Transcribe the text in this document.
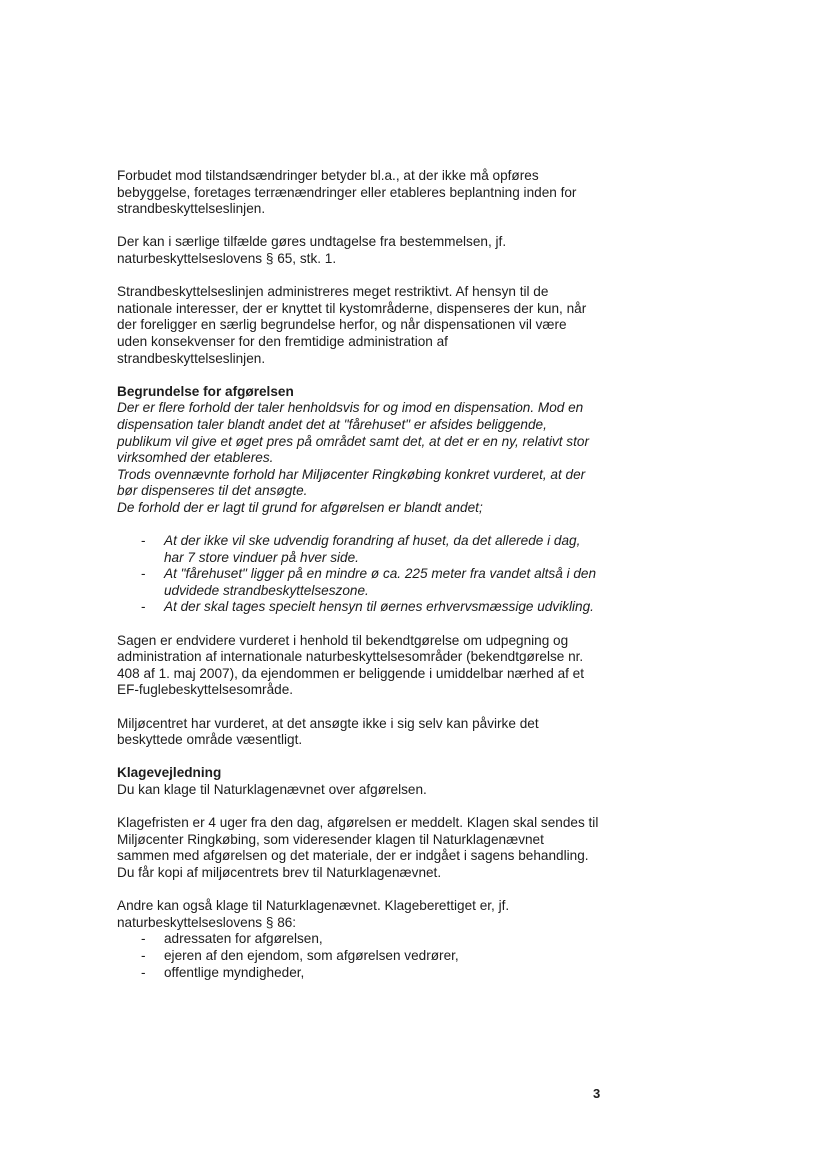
Forbudet mod tilstandsændringer betyder bl.a., at der ikke må opføres bebyggelse, foretages terrænændringer eller etableres beplantning inden for strandbeskyttelseslinjen.

Der kan i særlige tilfælde gøres undtagelse fra bestemmelsen, jf. naturbeskyttelseslovens § 65, stk. 1.

Strandbeskyttelseslinjen administreres meget restriktivt. Af hensyn til de nationale interesser, der er knyttet til kystområderne, dispenseres der kun, når der foreligger en særlig begrundelse herfor, og når dispensationen vil være uden konsekvenser for den fremtidige administration af strandbeskyttelseslinjen.

Begrundelse for afgørelsen

Der er flere forhold der taler henholdsvis for og imod en dispensation. Mod en dispensation taler blandt andet det at "fårehuset" er afsides beliggende, publikum vil give et øget pres på området samt det, at det er en ny, relativt stor virksomhed der etableres.

Trods ovennævnte forhold har Miljøcenter Ringkøbing konkret vurderet, at der bør dispenseres til det ansøgte.

De forhold der er lagt til grund for afgørelsen er blandt andet;

- At der ikke vil ske udvendig forandring af huset, da det allerede i dag, har 7 store vinduer på hver side.
- At "fårehuset" ligger på en mindre ø ca. 225 meter fra vandet altså i den udvidede strandbeskyttelseszone.
- At der skal tages specielt hensyn til øernes erhvervsmæssige udvikling.

Sagen er endvidere vurderet i henhold til bekendtgørelse om udpegning og administration af internationale naturbeskyttelsesområder (bekendtgørelse nr. 408 af 1. maj 2007), da ejendommen er beliggende i umiddelbar nærhed af et EF-fuglebeskyttelsesområde.

Miljøcentret har vurderet, at det ansøgte ikke i sig selv kan påvirke det beskyttede område væsentligt.

Klagevejledning

Du kan klage til Naturklagenævnet over afgørelsen.

Klagefristen er 4 uger fra den dag, afgørelsen er meddelt. Klagen skal sendes til Miljøcenter Ringkøbing, som videresender klagen til Naturklagenævnet sammen med afgørelsen og det materiale, der er indgået i sagens behandling. Du får kopi af miljøcentrets brev til Naturklagenævnet.

Andre kan også klage til Naturklagenævnet. Klageberettiget er, jf. naturbeskyttelseslovens § 86:

- adressaten for afgørelsen,
- ejeren af den ejendom, som afgørelsen vedrører,
- offentlige myndigheder,
3
